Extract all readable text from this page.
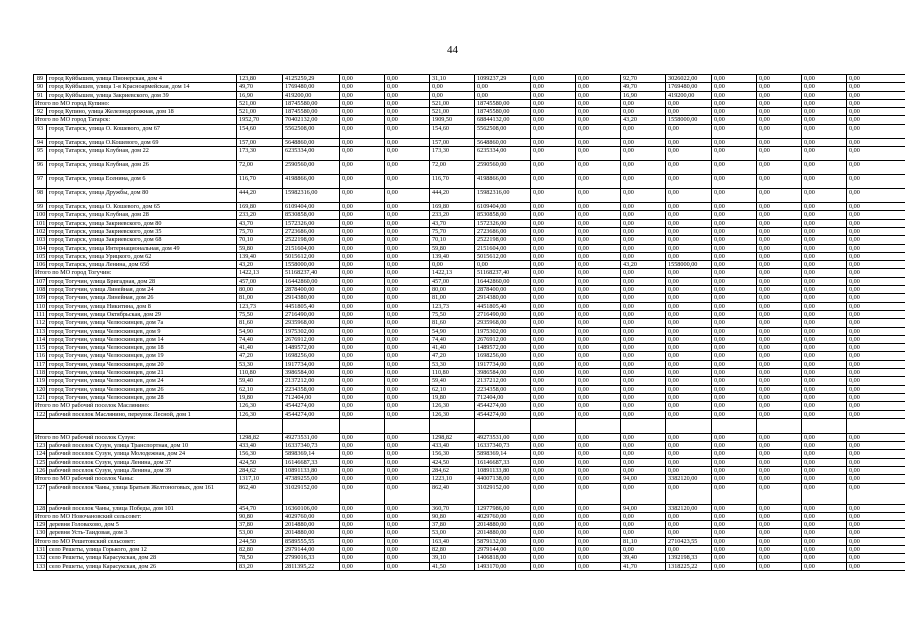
44
89	город Куйбышев, улица Пионерская, дом 4	123,80	4125259,29	0,00	0,00	31,10	1099237,29	0,00	0,00	92,70	3026022,00	0,00	0,00	0,00	0,00
90	город Куйбышев, улица 1-я Красноармейская, дом 14	49,70	1769480,00	0,00	0,00	0,00	0,00	0,00	0,00	49,70	1769480,00	0,00	0,00	0,00	0,00
91	город Куйбышев, улица Закриевского, дом 39	16,90	419200,00	0,00	0,00	0,00	0,00	0,00	0,00	16,90	419200,00	0,00	0,00	0,00	0,00
Итого по МО город Купино:		521,00	18745580,00	0,00	0,00	521,00	18745580,00	0,00	0,00	0,00	0,00	0,00	0,00	0,00	0,00
92	город Купино, улица Железнодорожная, дом 18	521,00	18745580,00	0,00	0,00	521,00	18745580,00	0,00	0,00	0,00	0,00	0,00	0,00	0,00	0,00
Итого по МО город Татарск:		1952,70	70402132,00	0,00	0,00	1909,50	68844132,00	0,00	0,00	43,20	1558000,00	0,00	0,00	0,00	0,00
93	город Татарск, улица О. Кошевого, дом 67	154,60	5562508,00	0,00	0,00	154,60	5562508,00	0,00	0,00	0,00	0,00	0,00	0,00	0,00	0,00
94	город Татарск, улица О.Кошевого, дом 69	157,00	5648860,00	0,00	0,00	157,00	5648860,00	0,00	0,00	0,00	0,00	0,00	0,00	0,00	0,00
95	город Татарск, улица Клубная, дом 22	173,30	6235334,00	0,00	0,00	173,30	6235334,00	0,00	0,00	0,00	0,00	0,00	0,00	0,00	0,00
96	город Татарск, улица Клубная, дом 26	72,00	2590560,00	0,00	0,00	72,00	2590560,00	0,00	0,00	0,00	0,00	0,00	0,00	0,00	0,00
97	город Татарск, улица Есенина, дом 6	116,70	4198866,00	0,00	0,00	116,70	4198866,00	0,00	0,00	0,00	0,00	0,00	0,00	0,00	0,00
98	город Татарск, улица Дружбы, дом 80	444,20	15982316,00	0,00	0,00	444,20	15982316,00	0,00	0,00	0,00	0,00	0,00	0,00	0,00	0,00
99	город Татарск, улица О. Кошевого, дом 65	169,80	6109404,00	0,00	0,00	169,80	6109404,00	0,00	0,00	0,00	0,00	0,00	0,00	0,00	0,00
100	город Татарск, улица Клубная, дом 28	233,20	8530858,00	0,00	0,00	233,20	8530858,00	0,00	0,00	0,00	0,00	0,00	0,00	0,00	0,00
101	город Татарск, улица Закриевского, дом 80	43,70	1572326,00	0,00	0,00	43,70	1572326,00	0,00	0,00	0,00	0,00	0,00	0,00	0,00	0,00
102	город Татарск, улица Закриевского, дом 35	75,70	2723686,00	0,00	0,00	75,70	2723686,00	0,00	0,00	0,00	0,00	0,00	0,00	0,00	0,00
103	город Татарск, улица Закриевского, дом 68	70,10	2522198,00	0,00	0,00	70,10	2522198,00	0,00	0,00	0,00	0,00	0,00	0,00	0,00	0,00
104	город Татарск, улица Интернациональная, дом 49	59,80	2151604,00	0,00	0,00	59,80	2151604,00	0,00	0,00	0,00	0,00	0,00	0,00	0,00	0,00
105	город Татарск, улица Урицкого, дом 62	139,40	5015612,00	0,00	0,00	139,40	5015612,00	0,00	0,00	0,00	0,00	0,00	0,00	0,00	0,00
106	город Татарск, улица Ленина, дом 65б	43,20	1558000,00	0,00	0,00	0,00	0,00	0,00	0,00	43,20	1558000,00	0,00	0,00	0,00	0,00
Итого по МО город Тогучин:		1422,13	51168237,40	0,00	0,00	1422,13	51168237,40	0,00	0,00	0,00	0,00	0,00	0,00	0,00	0,00
107	город Тогучин, улица Бригадная, дом 28	457,00	16442860,00	0,00	0,00	457,00	16442860,00	0,00	0,00	0,00	0,00	0,00	0,00	0,00	0,00
108	город Тогучин, улица Линейная, дом 24	80,00	2878400,00	0,00	0,00	80,00	2878400,00	0,00	0,00	0,00	0,00	0,00	0,00	0,00	0,00
109	город Тогучин, улица Линейная, дом 26	81,00	2914380,00	0,00	0,00	81,00	2914380,00	0,00	0,00	0,00	0,00	0,00	0,00	0,00	0,00
110	город Тогучин, улица Никитина, дом 8	123,73	4451805,40	0,00	0,00	123,73	4451805,40	0,00	0,00	0,00	0,00	0,00	0,00	0,00	0,00
111	город Тогучин, улица Октябрьская, дом 29	75,50	2716490,00	0,00	0,00	75,50	2716490,00	0,00	0,00	0,00	0,00	0,00	0,00	0,00	0,00
112	город Тогучин, улица Челюскинцев, дом 7а	81,60	2935968,00	0,00	0,00	81,60	2935968,00	0,00	0,00	0,00	0,00	0,00	0,00	0,00	0,00
113	город Тогучин, улица Челюскинцев, дом 9	54,90	1975302,00	0,00	0,00	54,90	1975302,00	0,00	0,00	0,00	0,00	0,00	0,00	0,00	0,00
114	город Тогучин, улица Челюскинцев, дом 14	74,40	2676912,00	0,00	0,00	74,40	2676912,00	0,00	0,00	0,00	0,00	0,00	0,00	0,00	0,00
115	город Тогучин, улица Челюскинцев, дом 18	41,40	1489572,00	0,00	0,00	41,40	1489572,00	0,00	0,00	0,00	0,00	0,00	0,00	0,00	0,00
116	город Тогучин, улица Челюскинцев, дом 19	47,20	1698256,00	0,00	0,00	47,20	1698256,00	0,00	0,00	0,00	0,00	0,00	0,00	0,00	0,00
117	город Тогучин, улица Челюскинцев, дом 20	53,30	1917734,00	0,00	0,00	53,30	1917734,00	0,00	0,00	0,00	0,00	0,00	0,00	0,00	0,00
118	город Тогучин, улица Челюскинцев, дом 21	110,80	3986584,00	0,00	0,00	110,80	3986584,00	0,00	0,00	0,00	0,00	0,00	0,00	0,00	0,00
119	город Тогучин, улица Челюскинцев, дом 24	59,40	2137212,00	0,00	0,00	59,40	2137212,00	0,00	0,00	0,00	0,00	0,00	0,00	0,00	0,00
120	город Тогучин, улица Челюскинцев, дом 26	62,10	2234358,00	0,00	0,00	62,10	2234358,00	0,00	0,00	0,00	0,00	0,00	0,00	0,00	0,00
121	город Тогучин, улица Челюскинцев, дом 28	19,80	712404,00	0,00	0,00	19,80	712404,00	0,00	0,00	0,00	0,00	0,00	0,00	0,00	0,00
Итого по МО рабочий поселок Маслянино:		126,30	4544274,00	0,00	0,00	126,30	4544274,00	0,00	0,00	0,00	0,00	0,00	0,00	0,00	0,00
122	рабочий поселок Маслянино, переулок Лесной, дом 1	126,30	4544274,00	0,00	0,00	126,30	4544274,00	0,00	0,00	0,00	0,00	0,00	0,00	0,00	0,00

Итого по МО рабочий поселок Сузун:		1298,82	49273531,00	0,00	0,00	1298,82	49273531,00	0,00	0,00	0,00	0,00	0,00	0,00	0,00	0,00
123	рабочий поселок Сузун, улица Транспортная, дом 10	433,40	16337340,73	0,00	0,00	433,40	16337340,73	0,00	0,00	0,00	0,00	0,00	0,00	0,00	0,00
124	рабочий поселок Сузун, улица Молодежная, дом 24	156,30	5898369,14	0,00	0,00	156,30	5898369,14	0,00	0,00	0,00	0,00	0,00	0,00	0,00	0,00
125	рабочий поселок Сузун, улица Ленина, дом 37	424,50	16146687,33	0,00	0,00	424,50	16146687,33	0,00	0,00	0,00	0,00	0,00	0,00	0,00	0,00
126	рабочий поселок Сузун, улица Ленина, дом 39	284,62	10891133,80	0,00	0,00	284,62	10891133,80	0,00	0,00	0,00	0,00	0,00	0,00	0,00	0,00
Итого по МО рабочий поселок Чаны:		1317,10	47389255,00	0,00	0,00	1223,10	44007138,00	0,00	0,00	94,00	3382120,00	0,00	0,00	0,00	0,00
127	рабочий поселок Чаны, улица Братьев Желтоноговых, дом 161	862,40	31029152,00	0,00	0,00	862,40	31029152,00	0,00	0,00	0,00	0,00	0,00	0,00	0,00	0,00
128	рабочий поселок Чаны, улица Победы, дом 101	454,70	16360106,00	0,00	0,00	360,70	12977986,00	0,00	0,00	94,00	3382120,00	0,00	0,00	0,00	0,00
Итого по МО Новочановский сельсовет:		90,80	4029760,00	0,00	0,00	90,80	4029760,00	0,00	0,00	0,00	0,00	0,00	0,00	0,00	0,00
129	деревня Головахово, дом 5	37,80	2014880,00	0,00	0,00	37,80	2014880,00	0,00	0,00	0,00	0,00	0,00	0,00	0,00	0,00
130	деревня Усть-Таидовая, дом 3	53,00	2014880,00	0,00	0,00	53,00	2014880,00	0,00	0,00	0,00	0,00	0,00	0,00	0,00	0,00
Итого по МО Решетовский сельсовет:		244,50	8589555,55	0,00	0,00	163,40	5879132,00	0,00	0,00	81,10	2710423,55	0,00	0,00	0,00	0,00
131	село Решеты, улица Горького, дом 12	82,80	2979144,00	0,00	0,00	82,80	2979144,00	0,00	0,00	0,00	0,00	0,00	0,00	0,00	0,00
132	село Решеты, улица Карасукская, дом 28	78,50	2799016,33	0,00	0,00	39,10	1406818,00	0,00	0,00	39,40	1392198,33	0,00	0,00	0,00	0,00
133	село Решеты, улица Карасукская, дом 26	83,20	2811395,22	0,00	0,00	41,50	1493170,00	0,00	0,00	41,70	1318225,22	0,00	0,00	0,00	0,00
